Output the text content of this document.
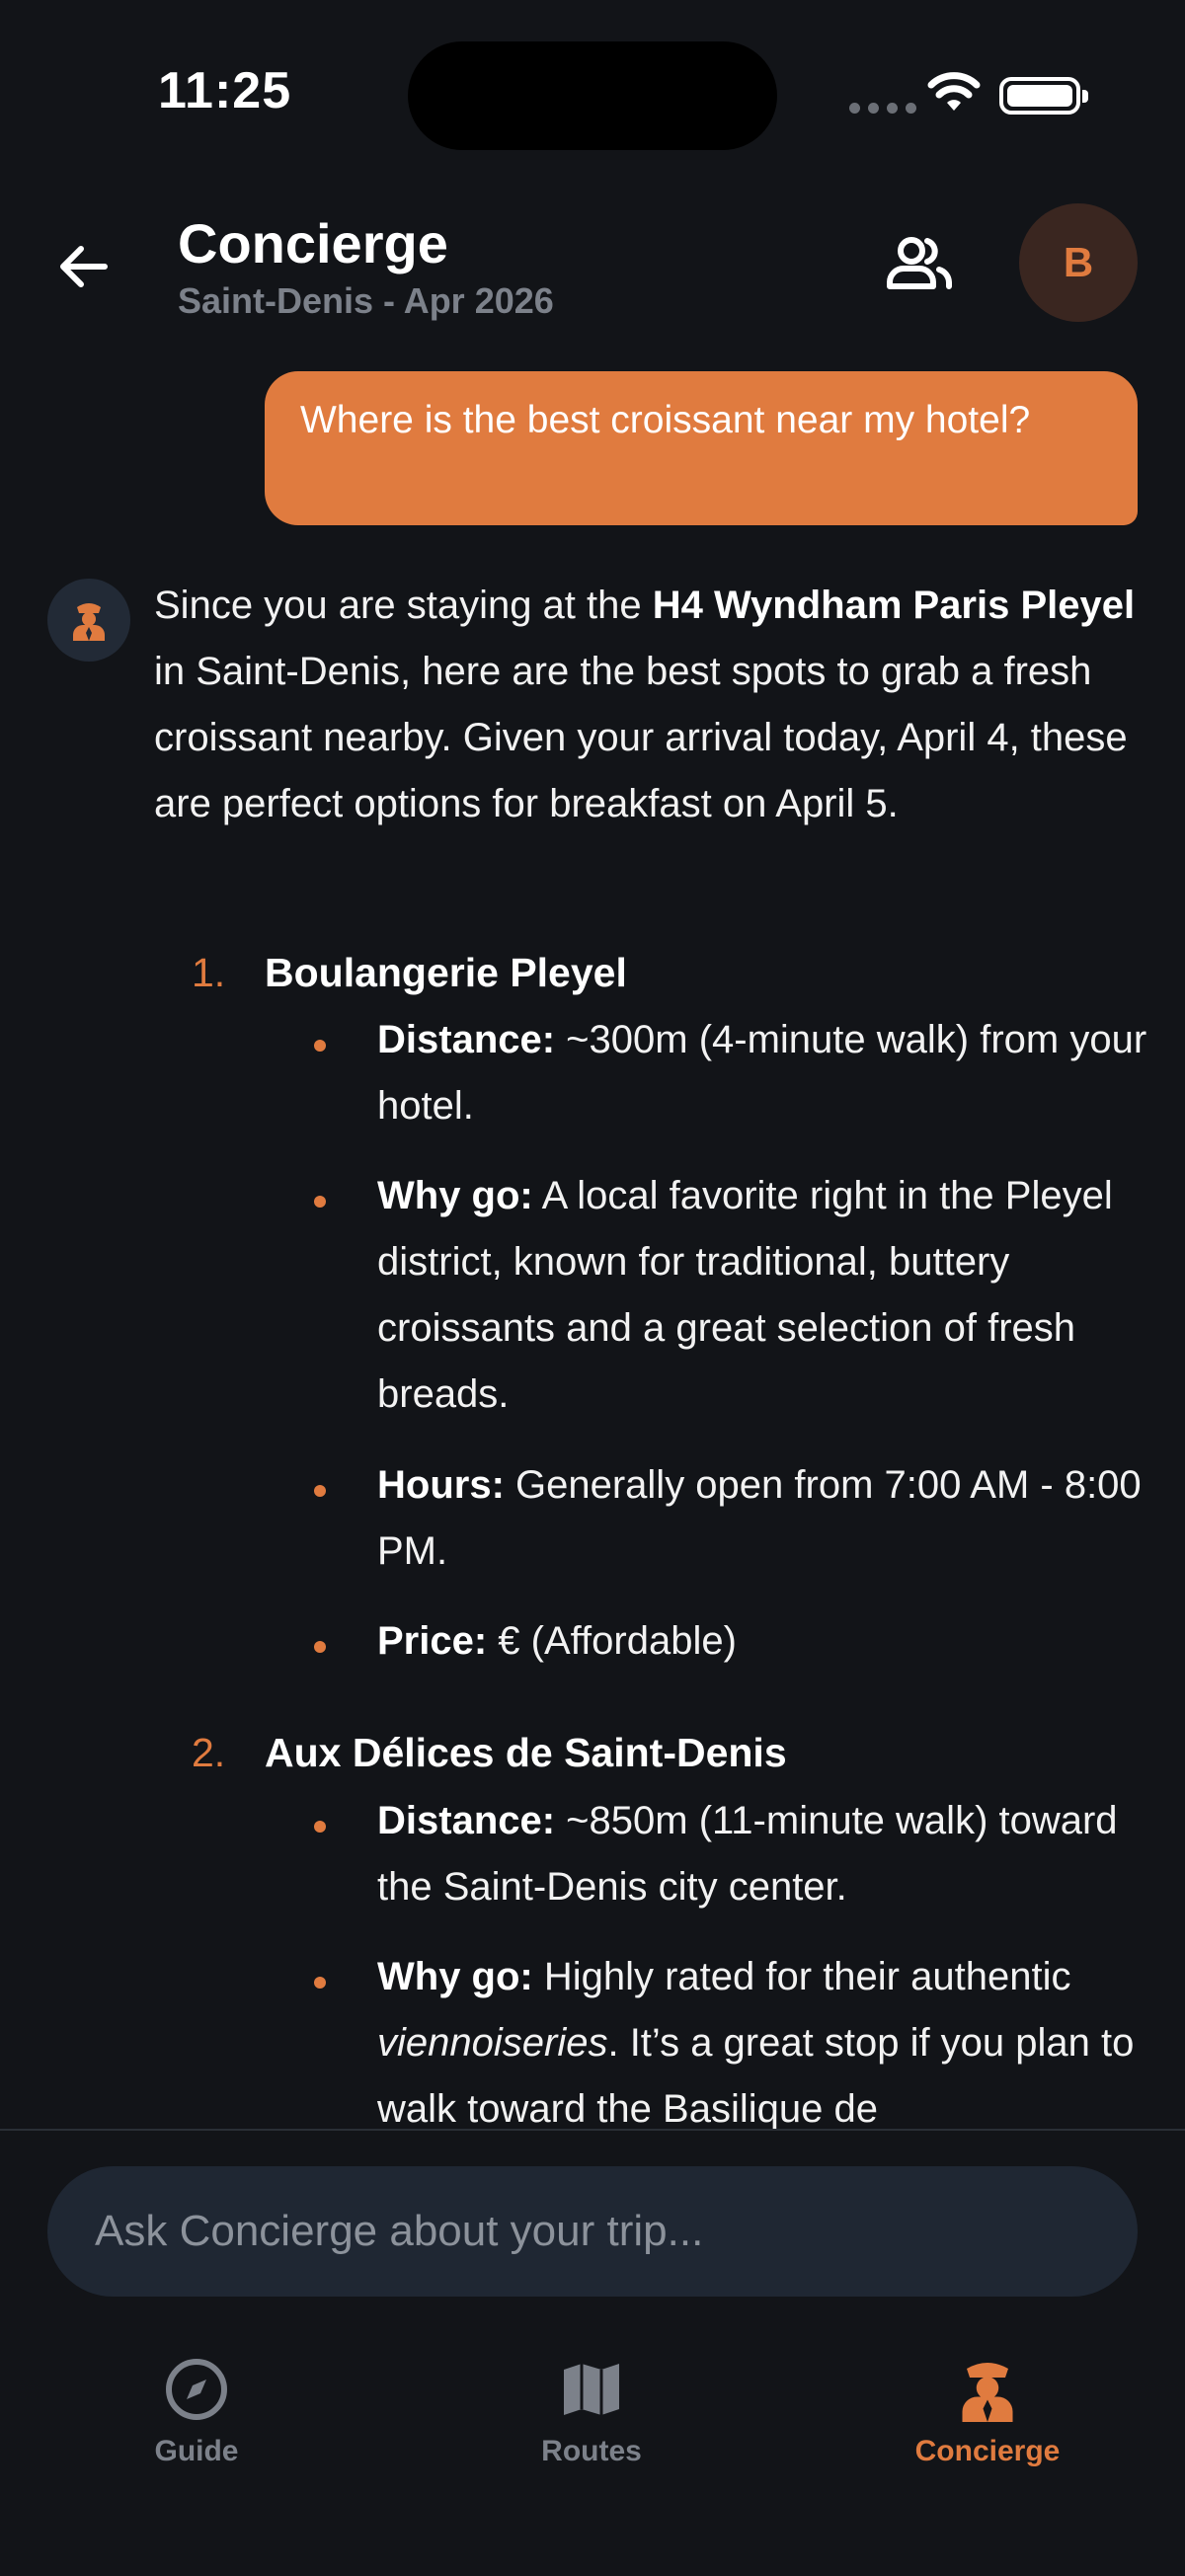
11:25
Concierge
Saint-Denis - Apr 2026
B
Where is the best croissant near my hotel?
Since you are staying at the H4 Wyndham Paris Pleyel in Saint-Denis, here are the best spots to grab a fresh croissant nearby. Given your arrival today, April 4, these are perfect options for breakfast on April 5.
1. Boulangerie Pleyel
Distance: ~300m (4-minute walk) from your hotel.
Why go: A local favorite right in the Pleyel district, known for traditional, buttery croissants and a great selection of fresh breads.
Hours: Generally open from 7:00 AM - 8:00 PM.
Price: € (Affordable)
2. Aux Délices de Saint-Denis
Distance: ~850m (11-minute walk) toward the Saint-Denis city center.
Why go: Highly rated for their authentic viennoiseries. It’s a great stop if you plan to walk toward the Basilique de
Ask Concierge about your trip...
Guide	Routes	Concierge
